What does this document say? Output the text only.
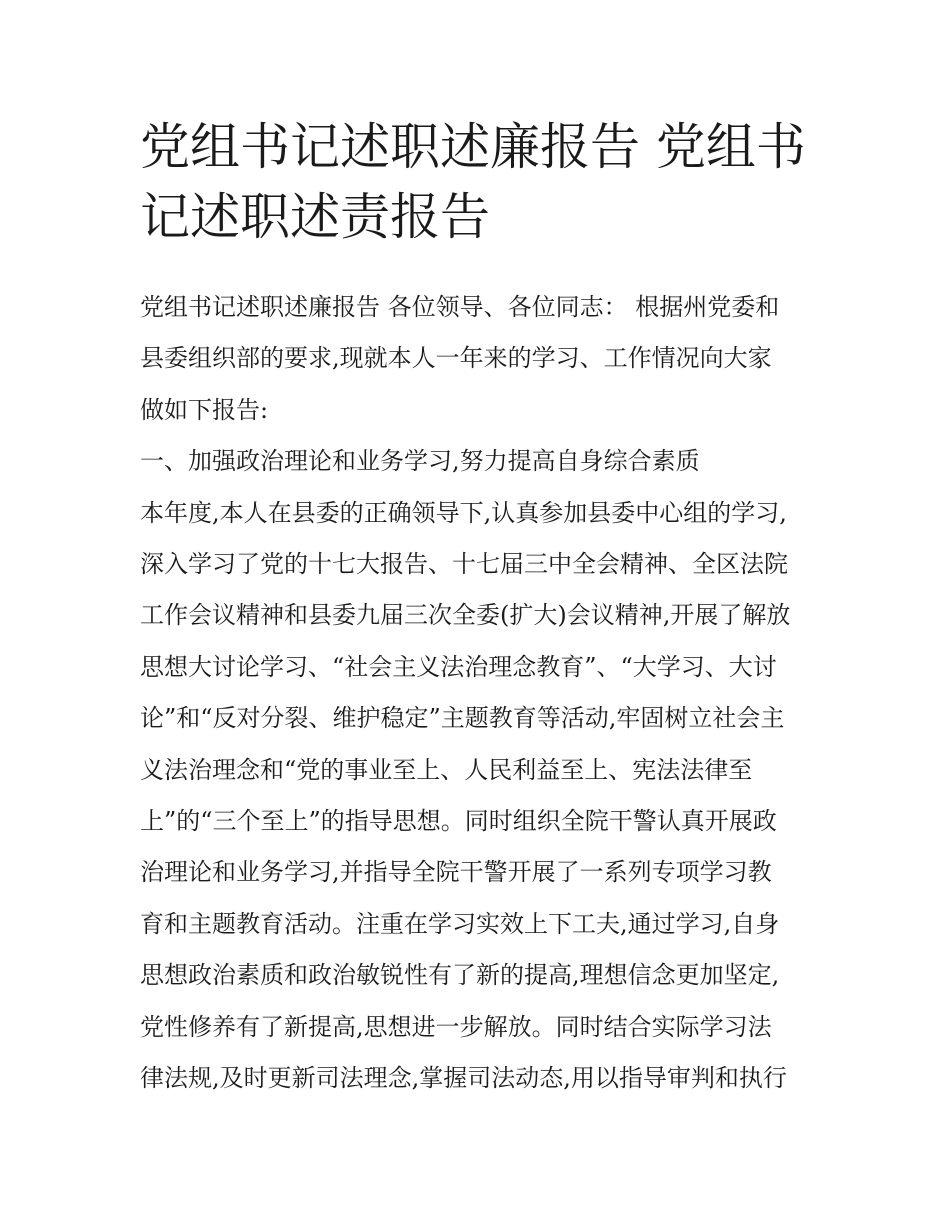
党组书记述职述廉报告 党组书
记述职述责报告
党组书记述职述廉报告 各位领导、各位同志： 根据州党委和
县委组织部的要求,现就本人一年来的学习、工作情况向大家
做如下报告:
一、加强政治理论和业务学习,努力提高自身综合素质
本年度,本人在县委的正确领导下,认真参加县委中心组的学习,
深入学习了党的十七大报告、十七届三中全会精神、全区法院
工作会议精神和县委九届三次全委(扩大)会议精神,开展了解放
思想大讨论学习、“社会主义法治理念教育”、“大学习、大讨
论”和“反对分裂、维护稳定”主题教育等活动,牢固树立社会主
义法治理念和“党的事业至上、人民利益至上、宪法法律至
上”的“三个至上”的指导思想。同时组织全院干警认真开展政
治理论和业务学习,并指导全院干警开展了一系列专项学习教
育和主题教育活动。注重在学习实效上下工夫,通过学习,自身
思想政治素质和政治敏锐性有了新的提高,理想信念更加坚定,
党性修养有了新提高,思想进一步解放。同时结合实际学习法
律法规,及时更新司法理念,掌握司法动态,用以指导审判和执行
